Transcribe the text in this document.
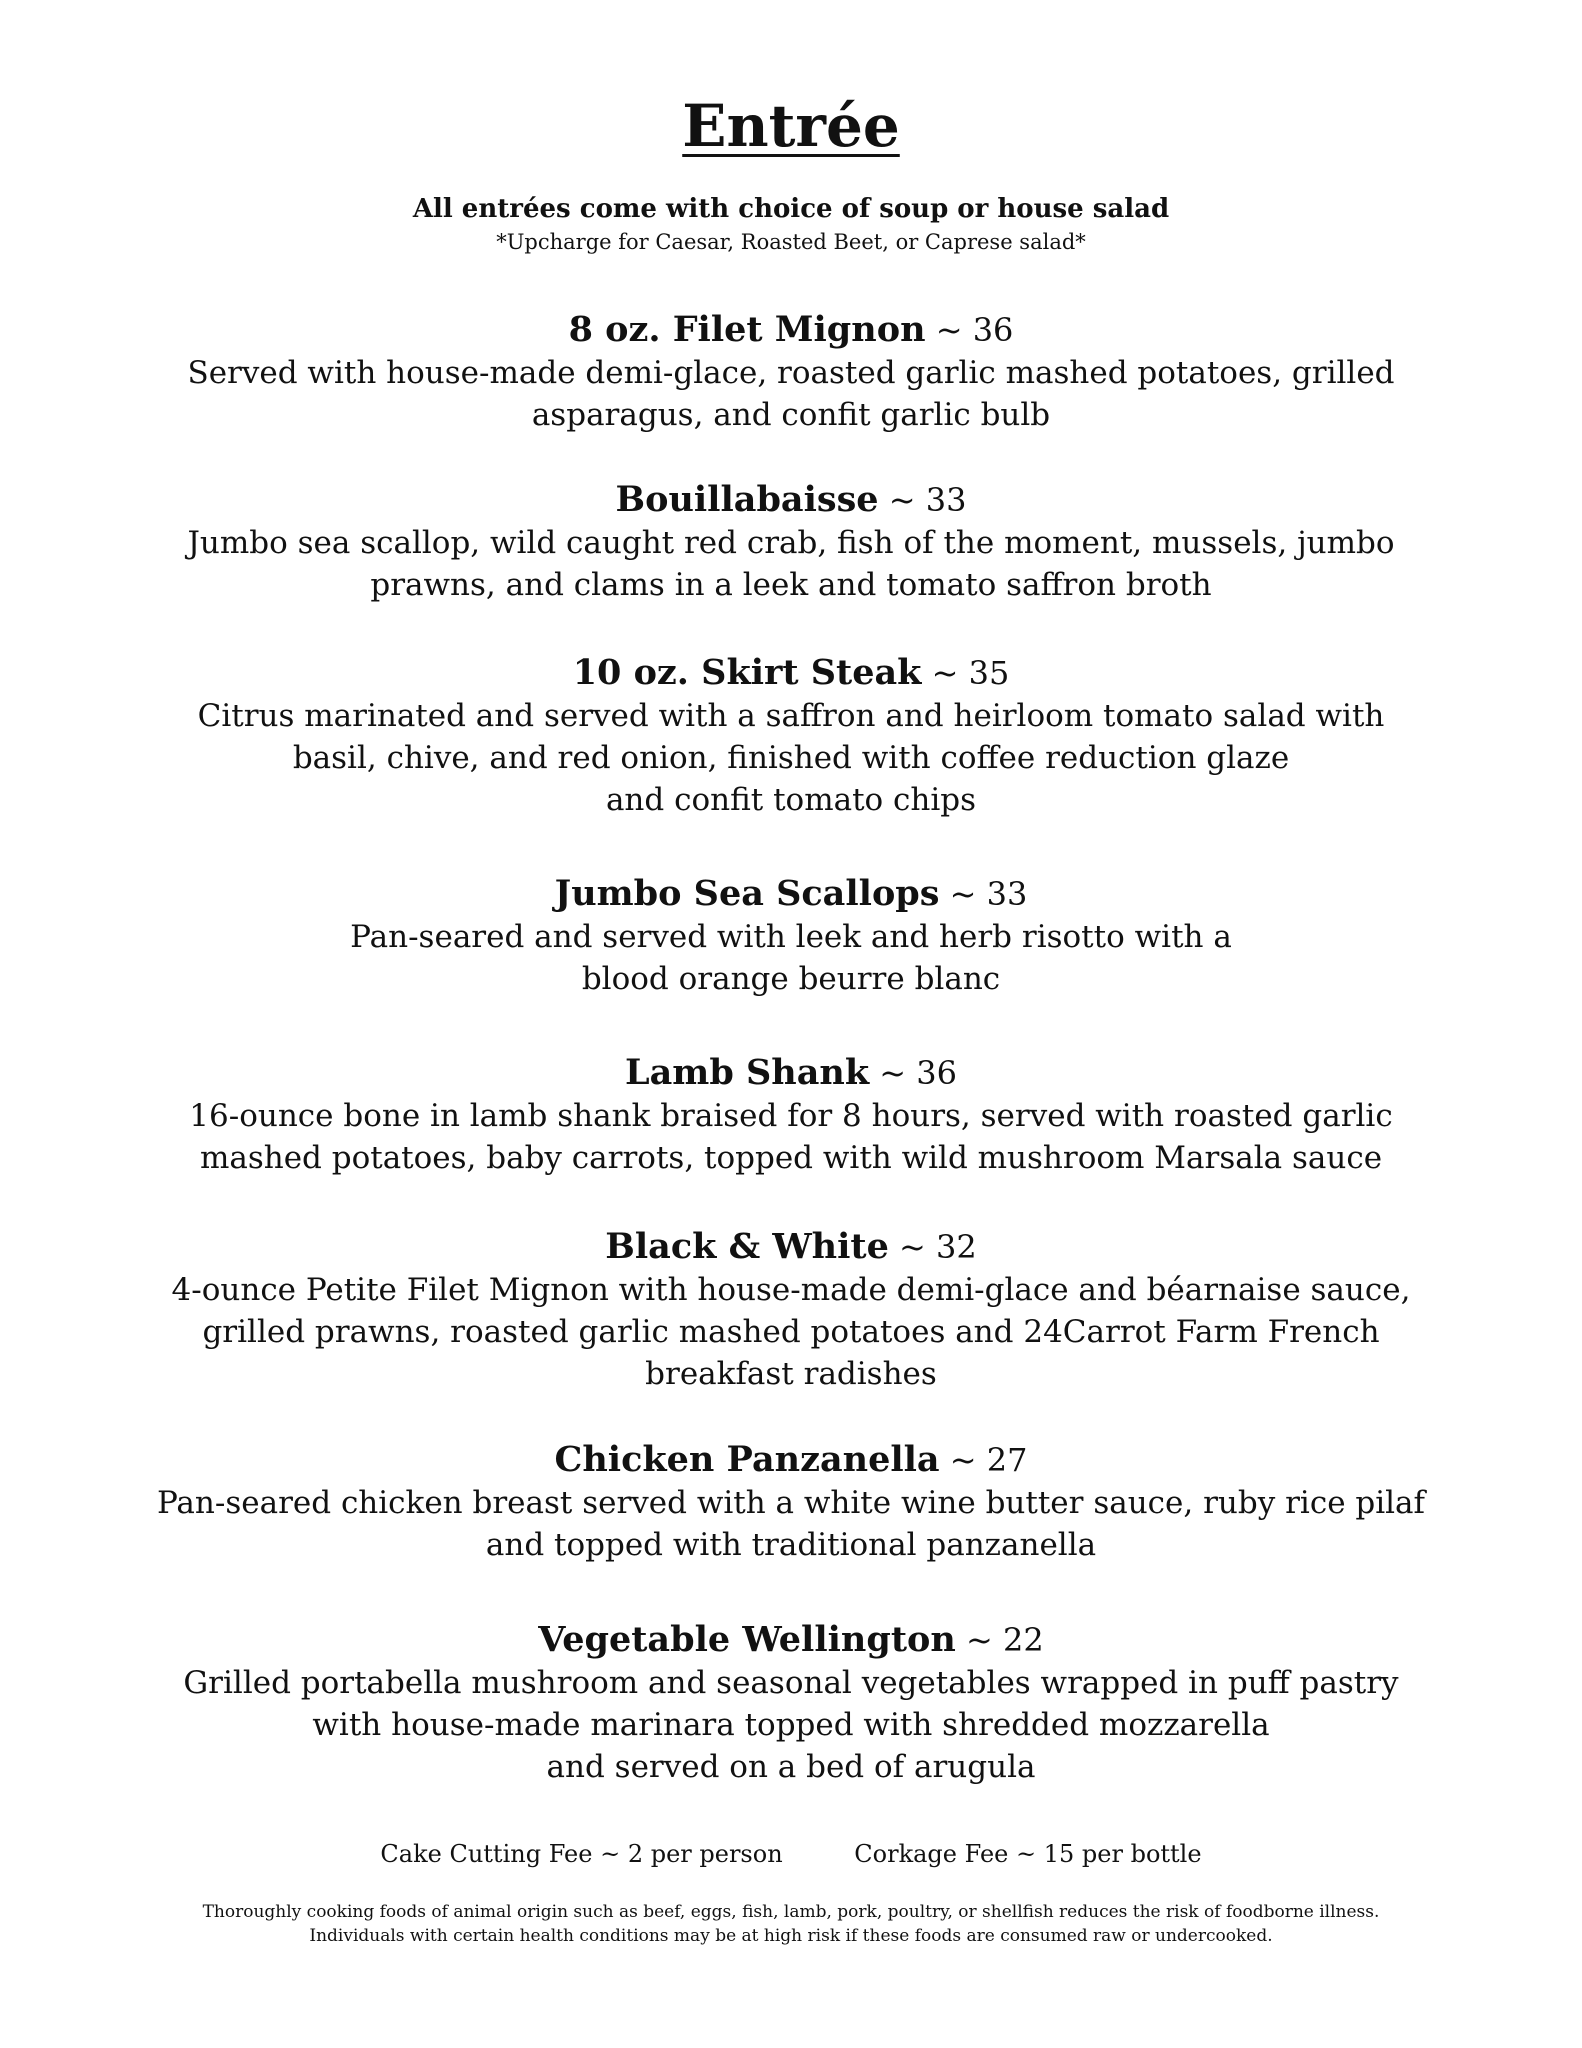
Entrée
All entrées come with choice of soup or house salad
*Upcharge for Caesar, Roasted Beet, or Caprese salad*
8 oz. Filet Mignon ~ 36
Served with house-made demi-glace, roasted garlic mashed potatoes, grilled
asparagus, and confit garlic bulb
Bouillabaisse ~ 33
Jumbo sea scallop, wild caught red crab, fish of the moment, mussels, jumbo
prawns, and clams in a leek and tomato saffron broth
10 oz. Skirt Steak ~ 35
Citrus marinated and served with a saffron and heirloom tomato salad with
basil, chive, and red onion, finished with coffee reduction glaze
and confit tomato chips
Jumbo Sea Scallops ~ 33
Pan-seared and served with leek and herb risotto with a
blood orange beurre blanc
Lamb Shank ~ 36
16-ounce bone in lamb shank braised for 8 hours, served with roasted garlic
mashed potatoes, baby carrots, topped with wild mushroom Marsala sauce
Black & White ~ 32
4-ounce Petite Filet Mignon with house-made demi-glace and béarnaise sauce,
grilled prawns, roasted garlic mashed potatoes and 24Carrot Farm French
breakfast radishes
Chicken Panzanella ~ 27
Pan-seared chicken breast served with a white wine butter sauce, ruby rice pilaf
and topped with traditional panzanella
Vegetable Wellington ~ 22
Grilled portabella mushroom and seasonal vegetables wrapped in puff pastry
with house-made marinara topped with shredded mozzarella
and served on a bed of arugula
Cake Cutting Fee ~ 2 per person	Corkage Fee ~ 15 per bottle
Thoroughly cooking foods of animal origin such as beef, eggs, fish, lamb, pork, poultry, or shellfish reduces the risk of foodborne illness.
Individuals with certain health conditions may be at high risk if these foods are consumed raw or undercooked.
